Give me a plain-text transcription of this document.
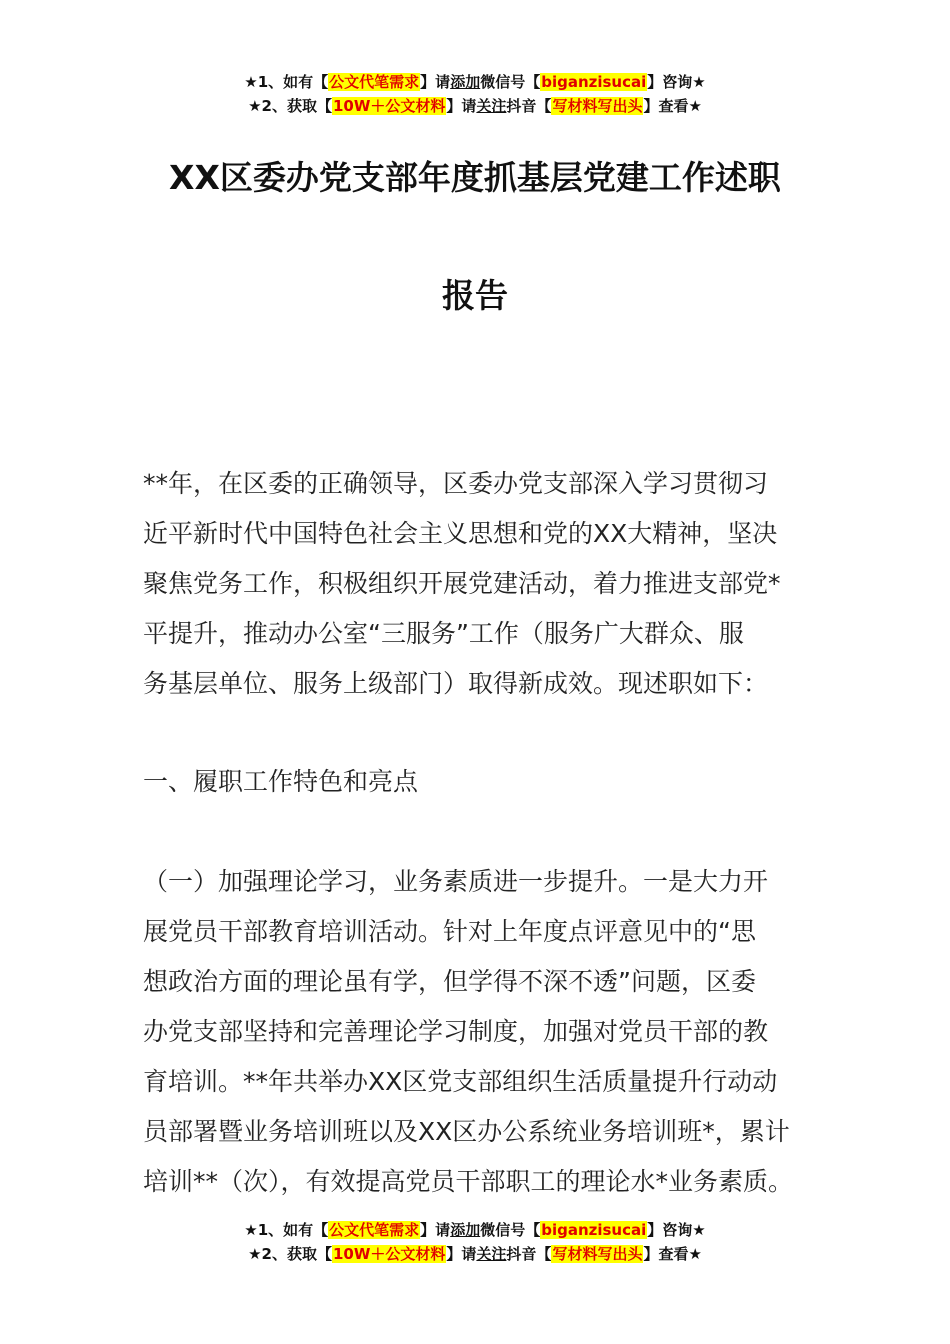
★1、如有【公文代笔需求】请添加微信号【biganzisucai】咨询★
★2、获取【10W＋公文材料】请关注抖音【写材料写出头】查看★
XX区委办党支部年度抓基层党建工作述职
报告
**年，在区委的正确领导，区委办党支部深入学习贯彻习
近平新时代中国特色社会主义思想和党的XX大精神，坚决
聚焦党务工作，积极组织开展党建活动，着力推进支部党*
平提升，推动办公室“三服务”工作（服务广大群众、服
务基层单位、服务上级部门）取得新成效。现述职如下：
一、履职工作特色和亮点
（一）加强理论学习，业务素质进一步提升。一是大力开
展党员干部教育培训活动。针对上年度点评意见中的“思
想政治方面的理论虽有学，但学得不深不透”问题，区委
办党支部坚持和完善理论学习制度，加强对党员干部的教
育培训。**年共举办XX区党支部组织生活质量提升行动动
员部署暨业务培训班以及XX区办公系统业务培训班*，累计
培训**（次），有效提高党员干部职工的理论水*业务素质。
★1、如有【公文代笔需求】请添加微信号【biganzisucai】咨询★
★2、获取【10W＋公文材料】请关注抖音【写材料写出头】查看★
